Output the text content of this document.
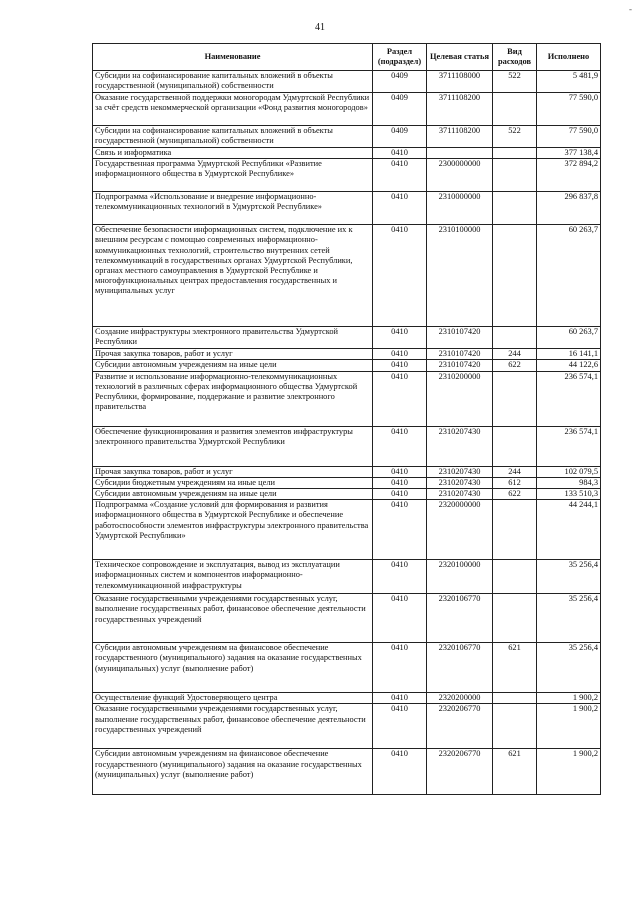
41
-
Наименование	Раздел (подраздел)	Целевая статья	Вид расходов	Исполнено
Субсидии на софинансирование капитальных вложений в объекты государственной (муниципальной) собственности	0409	3711108000	522	5 481,9
Оказание государственной поддержки моногородам Удмуртской Республики за счёт средств некоммерческой организации «Фонд развития моногородов»	0409	3711108200		77 590,0
Субсидии на софинансирование капитальных вложений в объекты государственной (муниципальной) собственности	0409	3711108200	522	77 590,0
Связь и информатика	0410			377 138,4
Государственная программа Удмуртской Республики «Развитие информационного общества в Удмуртской Республике»	0410	2300000000		372 894,2
Подпрограмма «Использование и внедрение информационно-телекоммуникационных технологий в Удмуртской Республике»	0410	2310000000		296 837,8
Обеспечение безопасности информационных систем, подключение их к внешним ресурсам с помощью современных информационно-коммуникационных технологий, строительство внутренних сетей телекоммуникаций в государственных органах Удмуртской Республики, органах местного самоуправления в Удмуртской Республике и многофункциональных центрах предоставления государственных и муниципальных услуг	0410	2310100000		60 263,7
Создание инфраструктуры электронного правительства Удмуртской Республики	0410	2310107420		60 263,7
Прочая закупка товаров, работ и услуг	0410	2310107420	244	16 141,1
Субсидии автономным учреждениям на иные цели	0410	2310107420	622	44 122,6
Развитие и использование информационно-телекоммуникационных технологий в различных сферах информационного общества Удмуртской Республики, формирование, поддержание и развитие электронного правительства	0410	2310200000		236 574,1
Обеспечение функционирования и развития элементов инфраструктуры электронного правительства Удмуртской Республики	0410	2310207430		236 574,1
Прочая закупка товаров, работ и услуг	0410	2310207430	244	102 079,5
Субсидии бюджетным учреждениям на иные цели	0410	2310207430	612	984,3
Субсидии автономным учреждениям на иные цели	0410	2310207430	622	133 510,3
Подпрограмма «Создание условий для формирования и развития информационного общества в Удмуртской Республике и обеспечение работоспособности элементов инфраструктуры электронного правительства Удмуртской Республики»	0410	2320000000		44 244,1
Техническое сопровождение и эксплуатация, вывод из эксплуатации информационных систем и компонентов информационно-телекоммуникационной инфраструктуры	0410	2320100000		35 256,4
Оказание государственными учреждениями государственных услуг, выполнение государственных работ, финансовое обеспечение деятельности государственных учреждений	0410	2320106770		35 256,4
Субсидии автономным учреждениям на финансовое обеспечение государственного (муниципального) задания на оказание государственных (муниципальных) услуг (выполнение работ)	0410	2320106770	621	35 256,4
Осуществление функций Удостоверяющего центра	0410	2320200000		1 900,2
Оказание государственными учреждениями государственных услуг, выполнение государственных работ, финансовое обеспечение деятельности государственных учреждений	0410	2320206770		1 900,2
Субсидии автономным учреждениям на финансовое обеспечение государственного (муниципального) задания на оказание государственных (муниципальных) услуг (выполнение работ)	0410	2320206770	621	1 900,2
